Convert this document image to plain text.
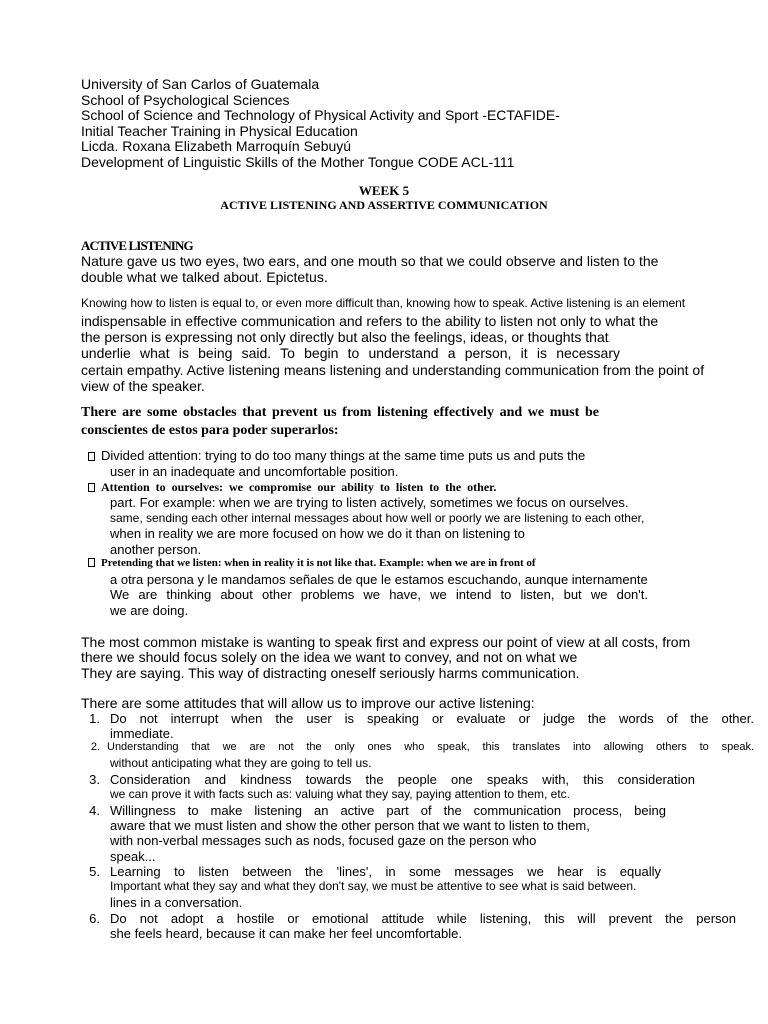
University of San Carlos of Guatemala
School of Psychological Sciences
School of Science and Technology of Physical Activity and Sport -ECTAFIDE-
Initial Teacher Training in Physical Education
Licda. Roxana Elizabeth Marroquín Sebuyú
Development of Linguistic Skills of the Mother Tongue CODE ACL-111
WEEK 5
ACTIVE LISTENING AND ASSERTIVE COMMUNICATION
ACTIVE LISTENING
Nature gave us two eyes, two ears, and one mouth so that we could observe and listen to the
double what we talked about. Epictetus.
Knowing how to listen is equal to, or even more difficult than, knowing how to speak. Active listening is an element
indispensable in effective communication and refers to the ability to listen not only to what the
the person is expressing not only directly but also the feelings, ideas, or thoughts that
underlie what is being said. To begin to understand a person, it is necessary
certain empathy. Active listening means listening and understanding communication from the point of
view of the speaker.
There are some obstacles that prevent us from listening effectively and we must be
conscientes de estos para poder superarlos:
Divided attention: trying to do too many things at the same time puts us and puts the
user in an inadequate and uncomfortable position.
Attention to ourselves: we compromise our ability to listen to the other.
part. For example: when we are trying to listen actively, sometimes we focus on ourselves.
same, sending each other internal messages about how well or poorly we are listening to each other,
when in reality we are more focused on how we do it than on listening to
another person.
Pretending that we listen: when in reality it is not like that. Example: when we are in front of
a otra persona y le mandamos señales de que le estamos escuchando, aunque internamente
We are thinking about other problems we have, we intend to listen, but we don't.
we are doing.
The most common mistake is wanting to speak first and express our point of view at all costs, from
there we should focus solely on the idea we want to convey, and not on what we
They are saying. This way of distracting oneself seriously harms communication.
There are some attitudes that will allow us to improve our active listening:
1. Do not interrupt when the user is speaking or evaluate or judge the words of the other.
immediate.
2. Understanding that we are not the only ones who speak, this translates into allowing others to speak.
without anticipating what they are going to tell us.
3. Consideration and kindness towards the people one speaks with, this consideration
we can prove it with facts such as: valuing what they say, paying attention to them, etc.
4. Willingness to make listening an active part of the communication process, being
aware that we must listen and show the other person that we want to listen to them,
with non-verbal messages such as nods, focused gaze on the person who
speak...
5. Learning to listen between the 'lines', in some messages we hear is equally
Important what they say and what they don't say, we must be attentive to see what is said between.
lines in a conversation.
6. Do not adopt a hostile or emotional attitude while listening, this will prevent the person
she feels heard, because it can make her feel uncomfortable.
